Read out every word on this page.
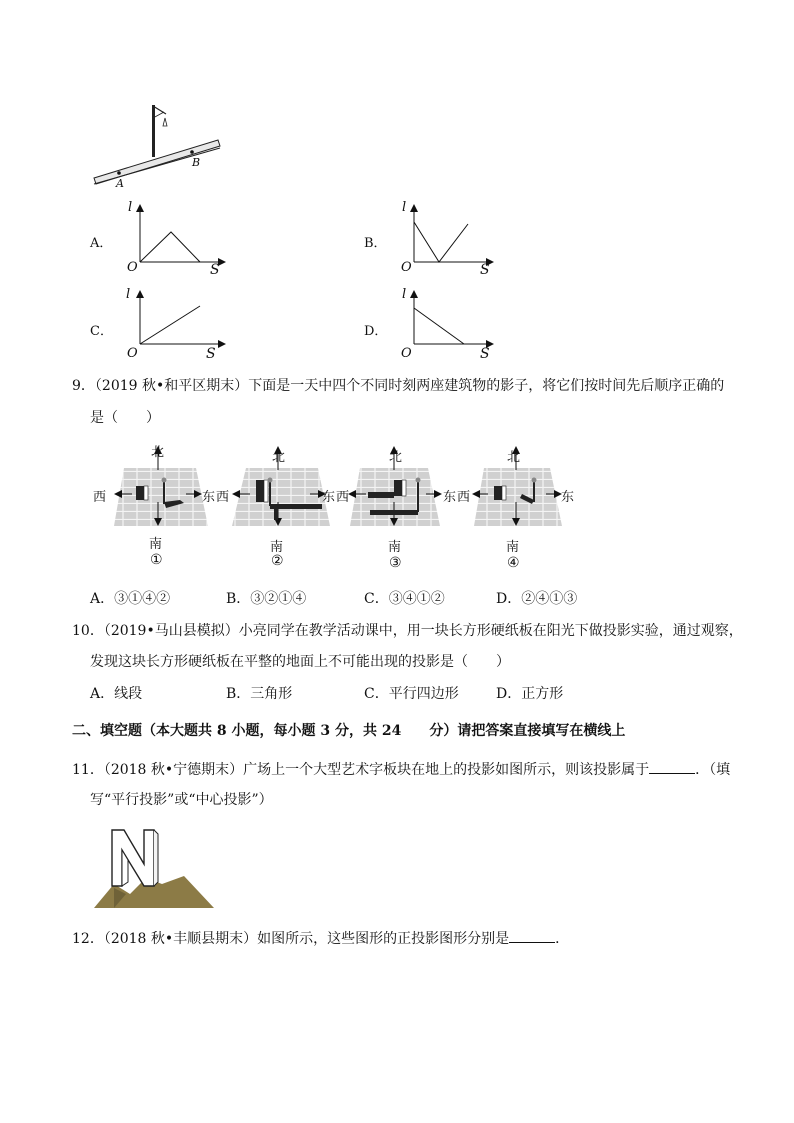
A
B
A．
l
O	S
B．
l
O	S
C．
l
O	S
D．
l
O	S
9．（2019 秋•和平区期末）下面是一天中四个不同时刻两座建筑物的影子，将它们按时间先后顺序正确的
是（　　）
北
西	东
南
①
北
西	东
南
②
北
西	东
南
③
北
西	东
南
④
A．③①④②	B．③②①④	C．③④①②	D．②④①③
10．（2019•马山县模拟）小亮同学在教学活动课中，用一块长方形硬纸板在阳光下做投影实验，通过观察，
发现这块长方形硬纸板在平整的地面上不可能出现的投影是（　　）
A．线段	B．三角形	C．平行四边形	D．正方形
二、填空题（本大题共 8 小题，每小题 3 分，共 24　　分）请把答案直接填写在横线上
11．（2018 秋•宁德期末）广场上一个大型艺术字板块在地上的投影如图所示，则该投影属于	．（填
写“平行投影”或“中心投影”）
12．（2018 秋•丰顺县期末）如图所示，这些图形的正投影图形分别是	．
